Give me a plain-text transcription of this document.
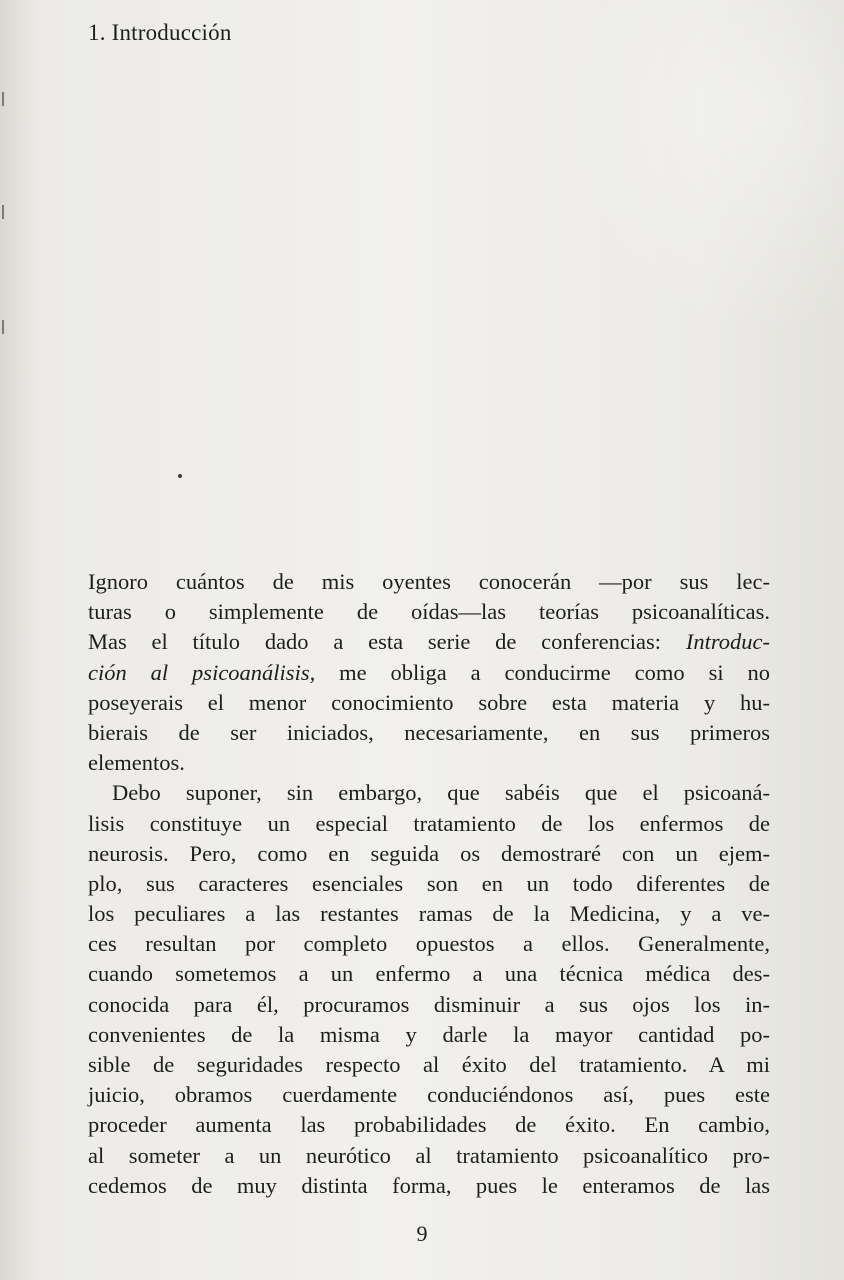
1. Introducción
Ignoro cuántos de mis oyentes conocerán —por sus lec-
turas o simplemente de oídas—las teorías psicoanalíticas.
Mas el título dado a esta serie de conferencias: Introduc-
ción al psicoanálisis, me obliga a conducirme como si no
poseyerais el menor conocimiento sobre esta materia y hu-
bierais de ser iniciados, necesariamente, en sus primeros
elementos.
Debo suponer, sin embargo, que sabéis que el psicoaná-
lisis constituye un especial tratamiento de los enfermos de
neurosis. Pero, como en seguida os demostraré con un ejem-
plo, sus caracteres esenciales son en un todo diferentes de
los peculiares a las restantes ramas de la Medicina, y a ve-
ces resultan por completo opuestos a ellos. Generalmente,
cuando sometemos a un enfermo a una técnica médica des-
conocida para él, procuramos disminuir a sus ojos los in-
convenientes de la misma y darle la mayor cantidad po-
sible de seguridades respecto al éxito del tratamiento. A mi
juicio, obramos cuerdamente conduciéndonos así, pues este
proceder aumenta las probabilidades de éxito. En cambio,
al someter a un neurótico al tratamiento psicoanalítico pro-
cedemos de muy distinta forma, pues le enteramos de las
9
